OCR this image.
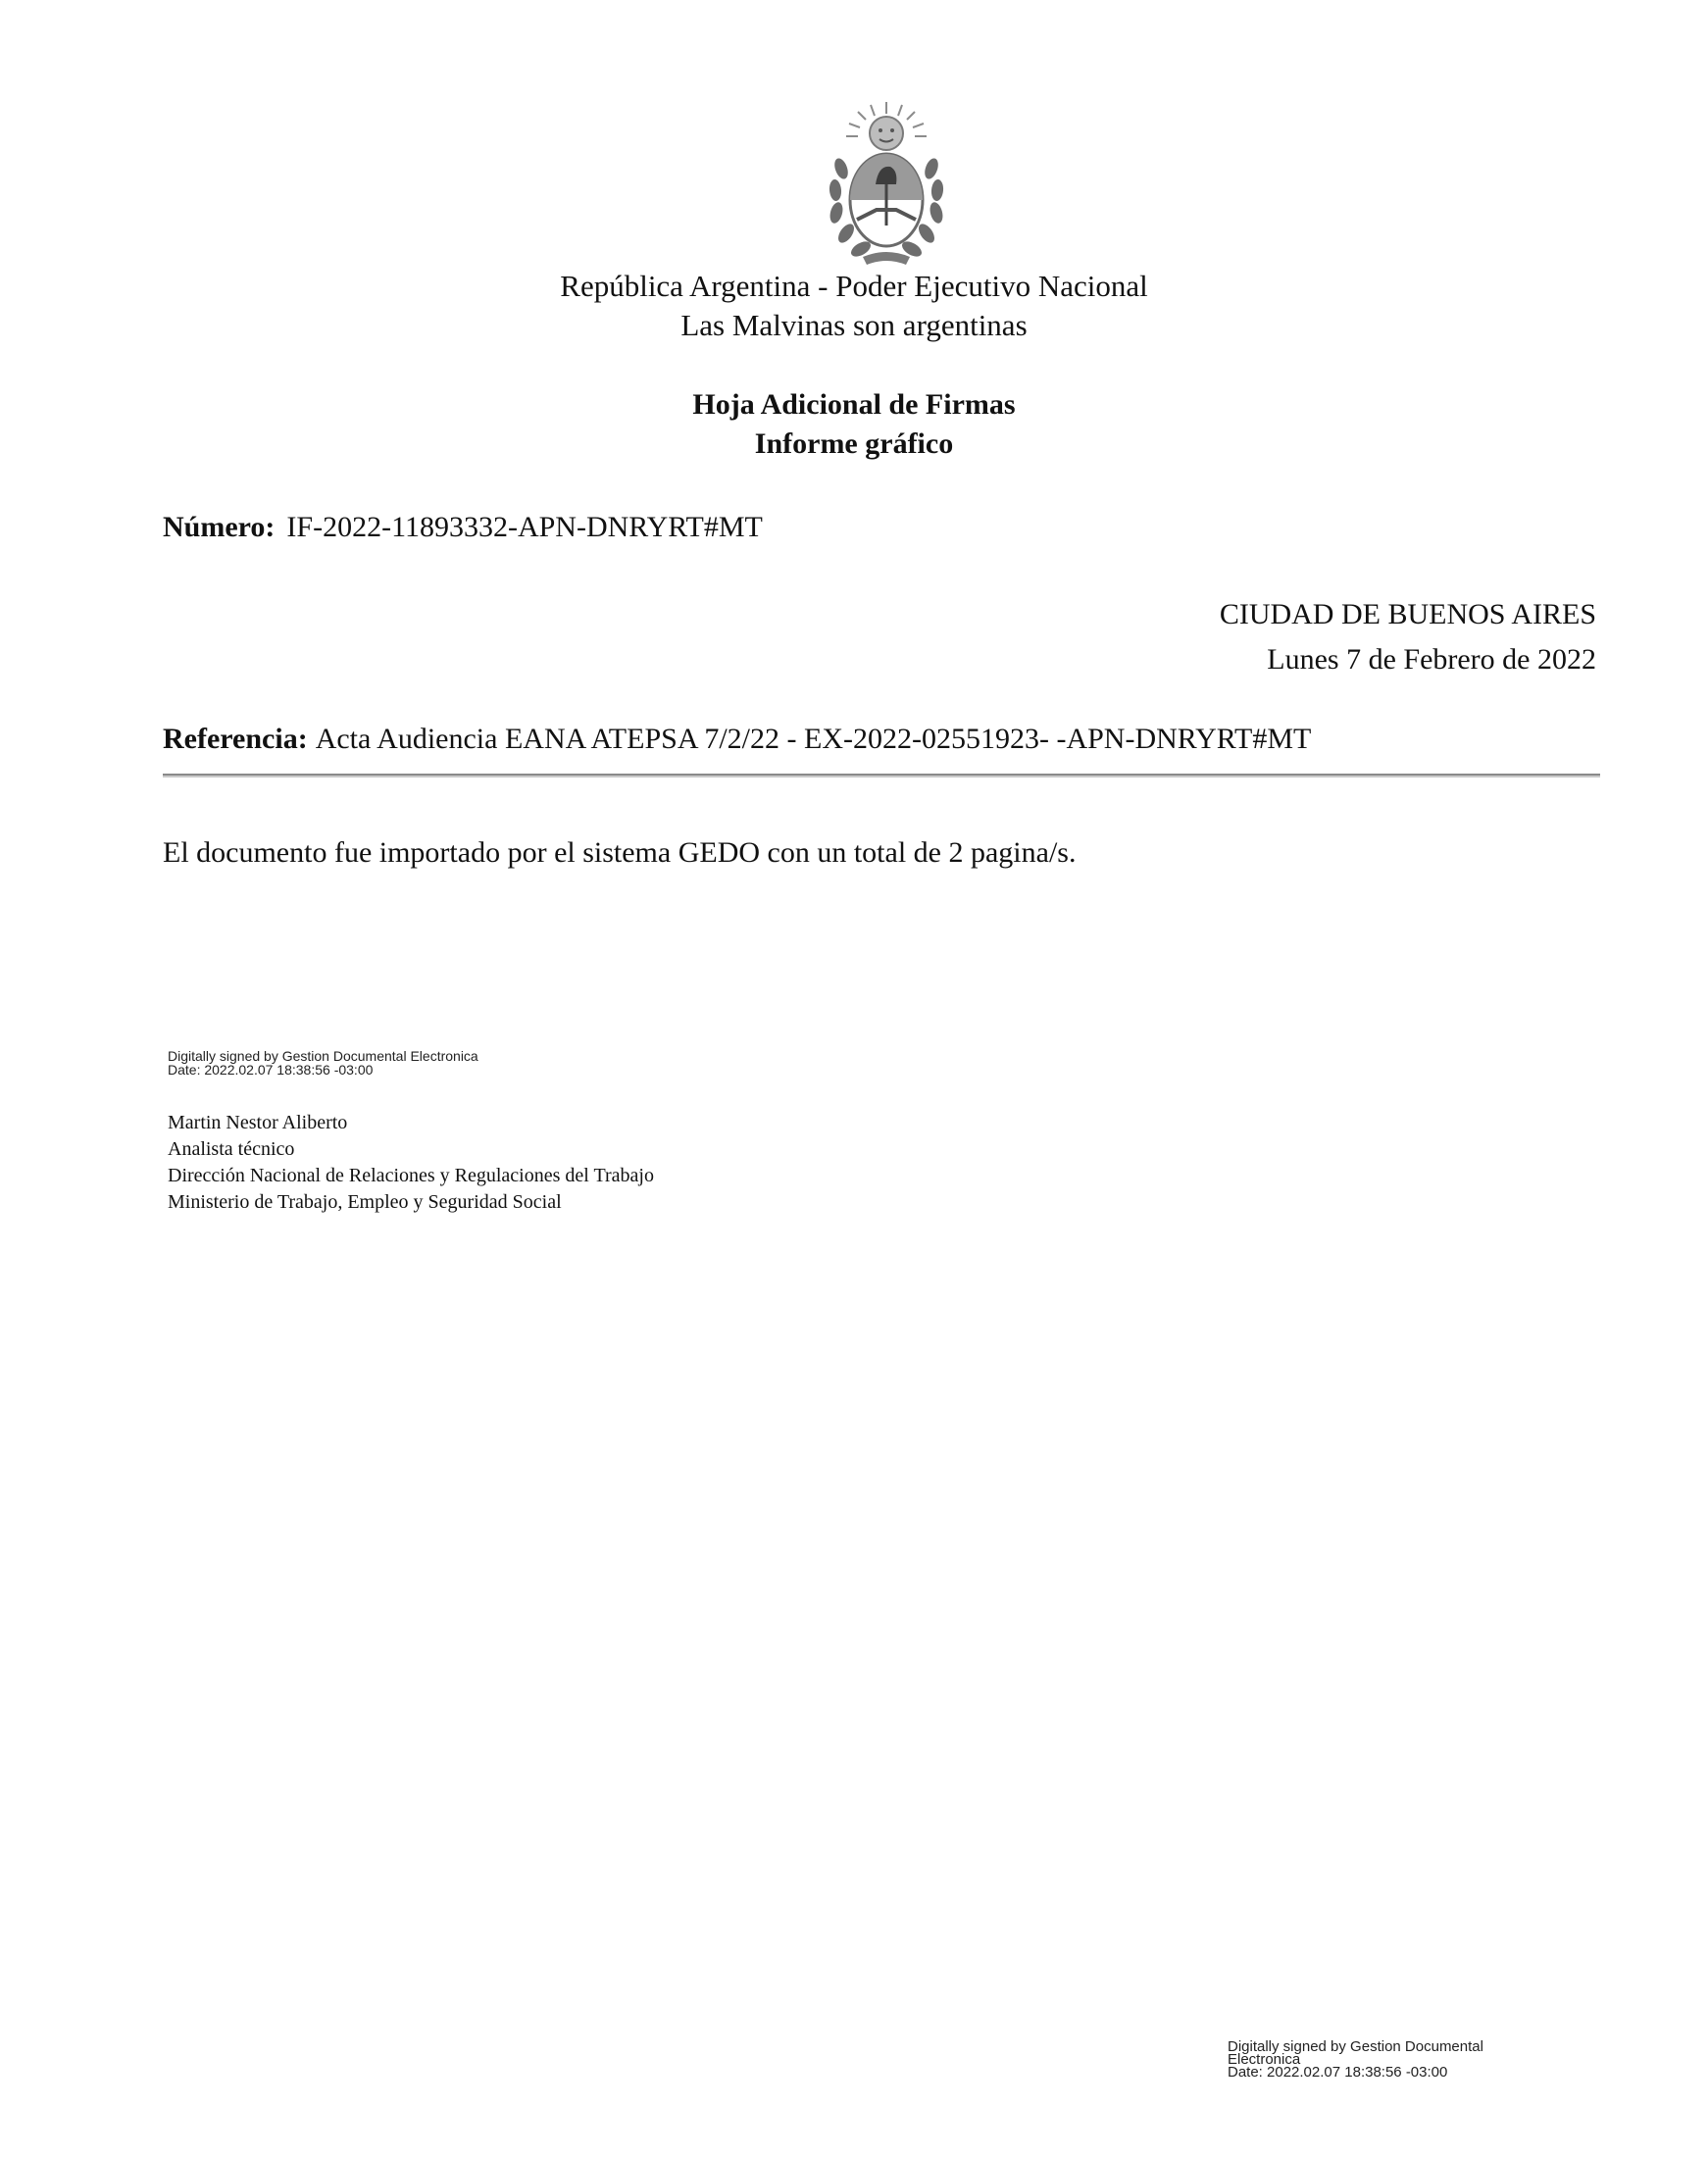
República Argentina - Poder Ejecutivo Nacional
Las Malvinas son argentinas
Hoja Adicional de Firmas
Informe gráfico
Número: IF-2022-11893332-APN-DNRYRT#MT
CIUDAD DE BUENOS AIRES
Lunes 7 de Febrero de 2022
Referencia: Acta Audiencia EANA ATEPSA 7/2/22 - EX-2022-02551923- -APN-DNRYRT#MT
El documento fue importado por el sistema GEDO con un total de 2 pagina/s.
Digitally signed by Gestion Documental Electronica
Date: 2022.02.07 18:38:56 -03:00
Martin Nestor Aliberto
Analista técnico
Dirección Nacional de Relaciones y Regulaciones del Trabajo
Ministerio de Trabajo, Empleo y Seguridad Social
Digitally signed by Gestion Documental
Electronica
Date: 2022.02.07 18:38:56 -03:00
